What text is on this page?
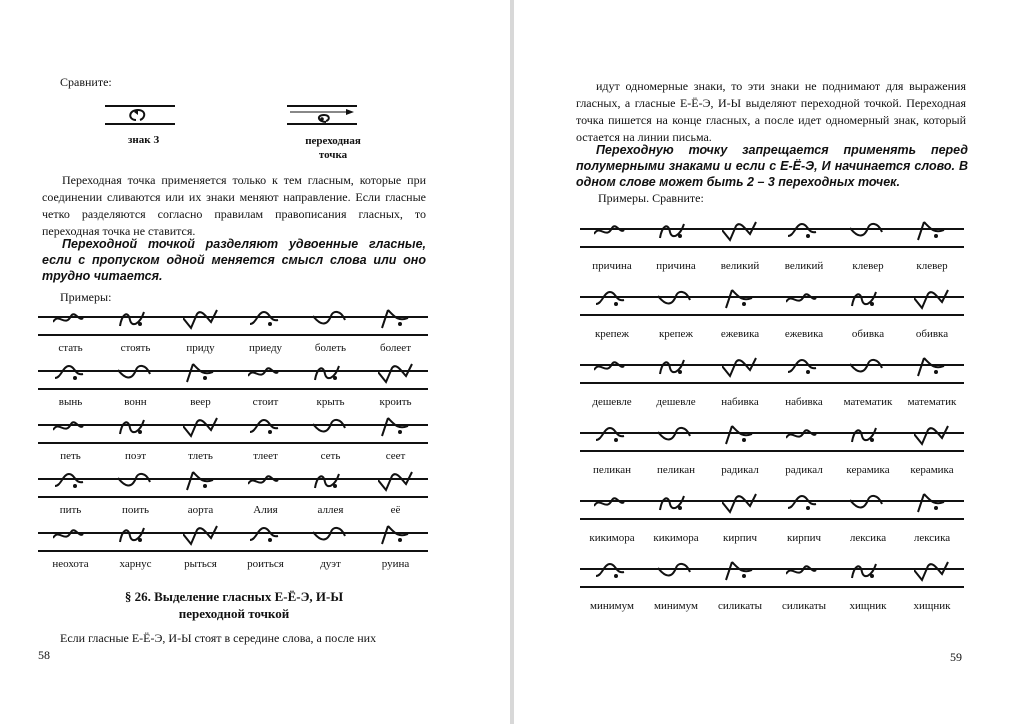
Сравните:
знак З	переходная
точка
Переходная точка применяется только к тем гласным, которые при соединении сливаются или их знаки меняют направление. Если гласные четко разделяются согласно правилам правописания гласных, то переходная точка не ставится.
Переходной точкой разделяют удвоенные гласные, если с пропуском одной меняется смысл слова или оно трудно читается.
Примеры:
стать	стоять	приду	приеду	болеть	болеет
вынь	вонн	веер	стоит	крыть	кроить
петь	поэт	тлеть	тлеет	сеть	сеет
пить	поить	аорта	Алия	аллея	её
неохота	харнус	рыться	роиться	дуэт	руина
§ 26. Выделение гласных Е-Ё-Э, И-Ы
переходной точкой
Если гласные Е-Ё-Э, И-Ы стоят в середине слова, а после них
58
идут одномерные знаки, то эти знаки не поднимают для выражения гласных, а гласные Е-Ё-Э, И-Ы выделяют переходной точкой. Переходная точка пишется на конце гласных, а после идет одномерный знак, который остается на линии письма.
Переходную точку запрещается применять перед полумерными знаками и если с Е-Ё-Э, И начинается слово. В одном слове может быть 2 – 3 переходных точек.
Примеры. Сравните:
причина	причина	великий	великий	клевер	клевер
крепеж	крепеж	ежевика	ежевика	обивка	обивка
дешевле	дешевле	набивка	набивка	математик	математик
пеликан	пеликан	радикал	радикал	керамика	керамика
кикимора	кикимора	кирпич	кирпич	лексика	лексика
минимум	минимум	силикаты	силикаты	хищник	хищник
59
